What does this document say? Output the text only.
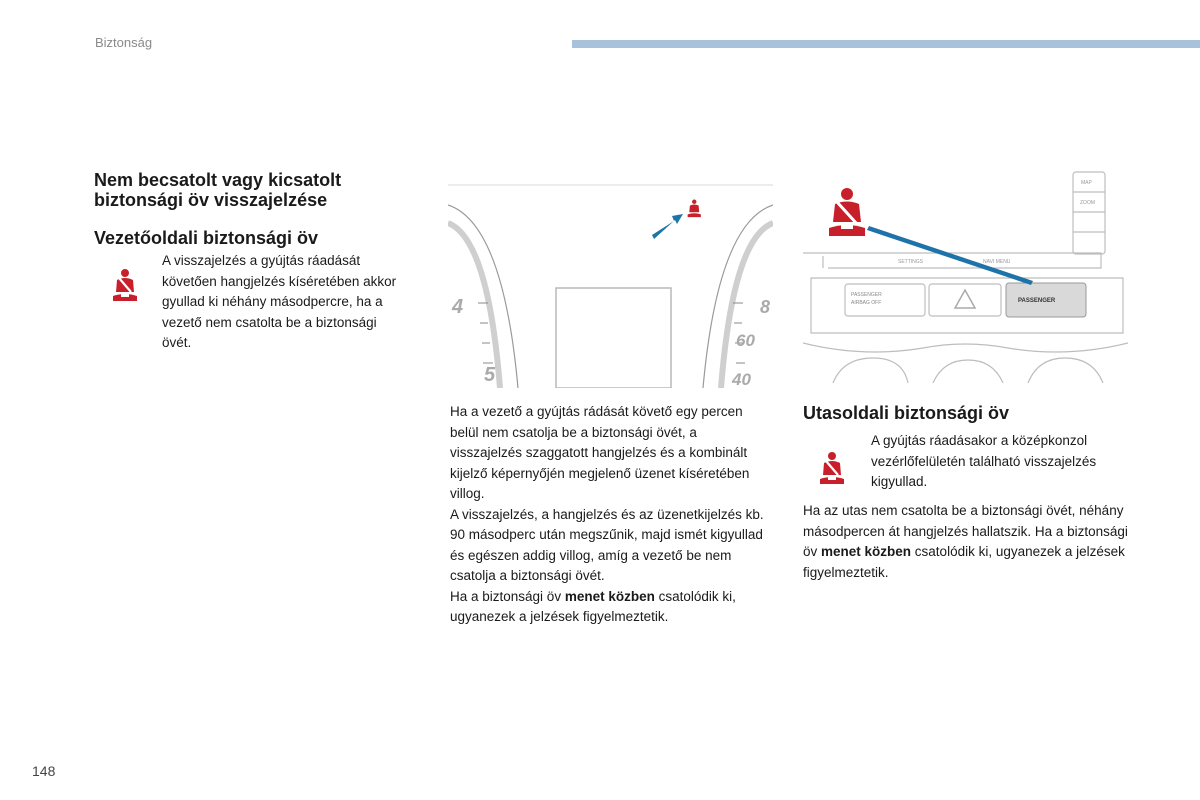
Biztonság
Nem becsatolt vagy kicsatolt biztonsági öv visszajelzése
Vezetőoldali biztonsági öv
A visszajelzés a gyújtás ráadását követően hangjelzés kíséretében akkor gyullad ki néhány másodpercre, ha a vezető nem csatolta be a biztonsági övét.
4
5
8
60
40
Ha a vezető a gyújtás rádását követő egy percen belül nem csatolja be a biztonsági övét, a visszajelzés szaggatott hangjelzés és a kombinált kijelző képernyőjén megjelenő üzenet kíséretében villog.
A visszajelzés, a hangjelzés és az üzenetkijelzés kb. 90 másodperc után megszűnik, majd ismét kigyullad és egészen addig villog, amíg a vezető be nem csatolja a biztonsági övét.
Ha a biztonsági öv menet közben csatolódik ki, ugyanezek a jelzések figyelmeztetik.
MAP
ZOOM
SETTINGS	NAVI MENU
PASSENGER
AIRBAG OFF	PASSENGER
Utasoldali biztonsági öv
A gyújtás ráadásakor a középkonzol vezérlőfelületén található visszajelzés kigyullad.
Ha az utas nem csatolta be a biztonsági övét, néhány másodpercen át hangjelzés hallatszik. Ha a biztonsági öv menet közben csatolódik ki, ugyanezek a jelzések figyelmeztetik.
148
